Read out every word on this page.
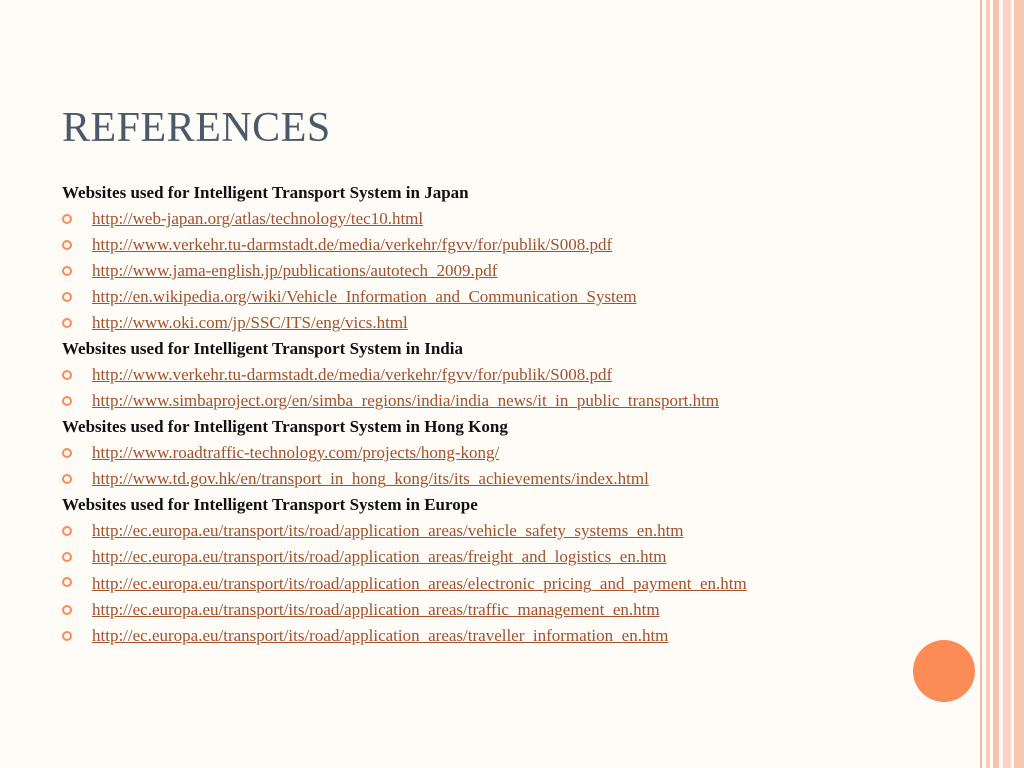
REFERENCES

Websites used for Intelligent Transport System in Japan

http://web-japan.org/atlas/technology/tec10.html
http://www.verkehr.tu-darmstadt.de/media/verkehr/fgvv/for/publik/S008.pdf
http://www.jama-english.jp/publications/autotech_2009.pdf
http://en.wikipedia.org/wiki/Vehicle_Information_and_Communication_System
http://www.oki.com/jp/SSC/ITS/eng/vics.html

Websites used for Intelligent Transport System in India

http://www.verkehr.tu-darmstadt.de/media/verkehr/fgvv/for/publik/S008.pdf
http://www.simbaproject.org/en/simba_regions/india/india_news/it_in_public_transport.htm

Websites used for Intelligent Transport System in Hong Kong

http://www.roadtraffic-technology.com/projects/hong-kong/
http://www.td.gov.hk/en/transport_in_hong_kong/its/its_achievements/index.html

Websites used for Intelligent Transport System in Europe

http://ec.europa.eu/transport/its/road/application_areas/vehicle_safety_systems_en.htm
http://ec.europa.eu/transport/its/road/application_areas/freight_and_logistics_en.htm
http://ec.europa.eu/transport/its/road/application_areas/electronic_pricing_and_payment_en.htm
http://ec.europa.eu/transport/its/road/application_areas/traffic_management_en.htm
http://ec.europa.eu/transport/its/road/application_areas/traveller_information_en.htm
